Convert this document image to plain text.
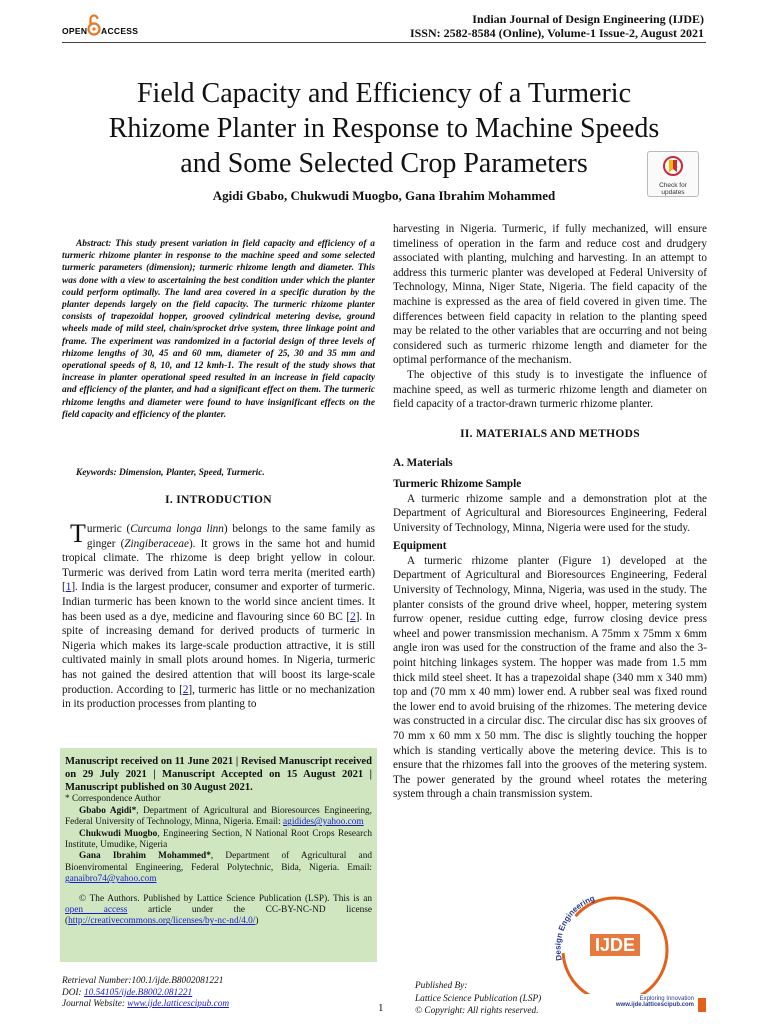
OPEN ACCESS
Indian Journal of Design Engineering (IJDE)
ISSN: 2582-8584 (Online), Volume-1 Issue-2, August 2021
Field Capacity and Efficiency of a Turmeric
Rhizome Planter in Response to Machine Speeds
and Some Selected Crop Parameters
Check for
updates
Agidi Gbabo, Chukwudi Muogbo, Gana Ibrahim Mohammed
Abstract: This study present variation in field capacity and efficiency of a turmeric rhizome planter in response to the machine speed and some selected turmeric parameters (dimension); turmeric rhizome length and diameter. This was done with a view to ascertaining the best condition under which the planter could perform optimally. The land area covered in a specific duration by the planter depends largely on the field capacity. The turmeric rhizome planter consists of trapezoidal hopper, grooved cylindrical metering devise, ground wheels made of mild steel, chain/sprocket drive system, three linkage point and frame. The experiment was randomized in a factorial design of three levels of rhizome lengths of 30, 45 and 60 mm, diameter of 25, 30 and 35 mm and operational speeds of 8, 10, and 12 kmh-1. The result of the study shows that increase in planter operational speed resulted in an increase in field capacity and efficiency of the planter, and had a significant effect on them. The turmeric rhizome lengths and diameter were found to have insignificant effects on the field capacity and efficiency of the planter.
Keywords: Dimension, Planter, Speed, Turmeric.
I. INTRODUCTION

Turmeric (Curcuma longa linn) belongs to the same family as ginger (Zingiberaceae). It grows in the same hot and humid tropical climate. The rhizome is deep bright yellow in colour. Turmeric was derived from Latin word terra merita (merited earth) [1]. India is the largest producer, consumer and exporter of turmeric. Indian turmeric has been known to the world since ancient times. It has been used as a dye, medicine and flavouring since 60 BC [2]. In spite of increasing demand for derived products of turmeric in Nigeria which makes its large-scale production attractive, it is still cultivated mainly in small plots around homes. In Nigeria, turmeric has not gained the desired attention that will boost its large-scale production. According to [2], turmeric has little or no mechanization in its production processes from planting to

Manuscript received on 11 June 2021 | Revised Manuscript received on 29 July 2021 | Manuscript Accepted on 15 August 2021 | Manuscript published on 30 August 2021.

* Correspondence Author

Gbabo Agidi*, Department of Agricultural and Bioresources Engineering, Federal University of Technology, Minna, Nigeria. Email: agidides@yahoo.com

Chukwudi Muogbo, Engineering Section, N National Root Crops Research Institute, Umudike, Nigeria

Gana Ibrahim Mohammed*, Department of Agricultural and Bioenviromental Engineering, Federal Polytechnic, Bida, Nigeria. Email: ganaibro74@yahoo.com

© The Authors. Published by Lattice Science Publication (LSP). This is an open access article under the CC-BY-NC-ND license (http://creativecommons.org/licenses/by-nc-nd/4.0/)

harvesting in Nigeria. Turmeric, if fully mechanized, will ensure timeliness of operation in the farm and reduce cost and drudgery associated with planting, mulching and harvesting. In an attempt to address this turmeric planter was developed at Federal University of Technology, Minna, Niger State, Nigeria. The field capacity of the machine is expressed as the area of field covered in given time. The differences between field capacity in relation to the planting speed may be related to the other variables that are occurring and not being considered such as turmeric rhizome length and diameter for the optimal performance of the mechanism.

The objective of this study is to investigate the influence of machine speed, as well as turmeric rhizome length and diameter on field capacity of a tractor-drawn turmeric rhizome planter.

II. MATERIALS AND METHODS

A. Materials

Turmeric Rhizome Sample

A turmeric rhizome sample and a demonstration plot at the Department of Agricultural and Bioresources Engineering, Federal University of Technology, Minna, Nigeria were used for the study.

Equipment

A turmeric rhizome planter (Figure 1) developed at the Department of Agricultural and Bioresources Engineering, Federal University of Technology, Minna, Nigeria, was used in the study. The planter consists of the ground drive wheel, hopper, metering system furrow opener, residue cutting edge, furrow closing device press wheel and power transmission mechanism. A 75mm x 75mm x 6mm angle iron was used for the construction of the frame and also the 3-point hitching linkages system. The hopper was made from 1.5 mm thick mild steel sheet. It has a trapezoidal shape (340 mm x 340 mm) top and (70 mm x 40 mm) lower end. A rubber seal was fixed round the lower end to avoid bruising of the rhizomes. The metering device was constructed in a circular disc. The circular disc has six grooves of 70 mm x 60 mm x 50 mm. The disc is slightly touching the hopper which is standing vertically above the metering device. This is to ensure that the rhizomes fall into the grooves of the metering system. The power generated by the ground wheel rotates the metering system through a chain transmission system.

Design Engineering
IJDE
Exploring Innovation
www.ijde.latticescipub.com
Retrieval Number:100.1/ijde.B8002081221
DOI: 10.54105/ijde.B8002.081221
Journal Website: www.ijde.latticescipub.com	1
Published By:
Lattice Science Publication (LSP)
© Copyright: All rights reserved.
